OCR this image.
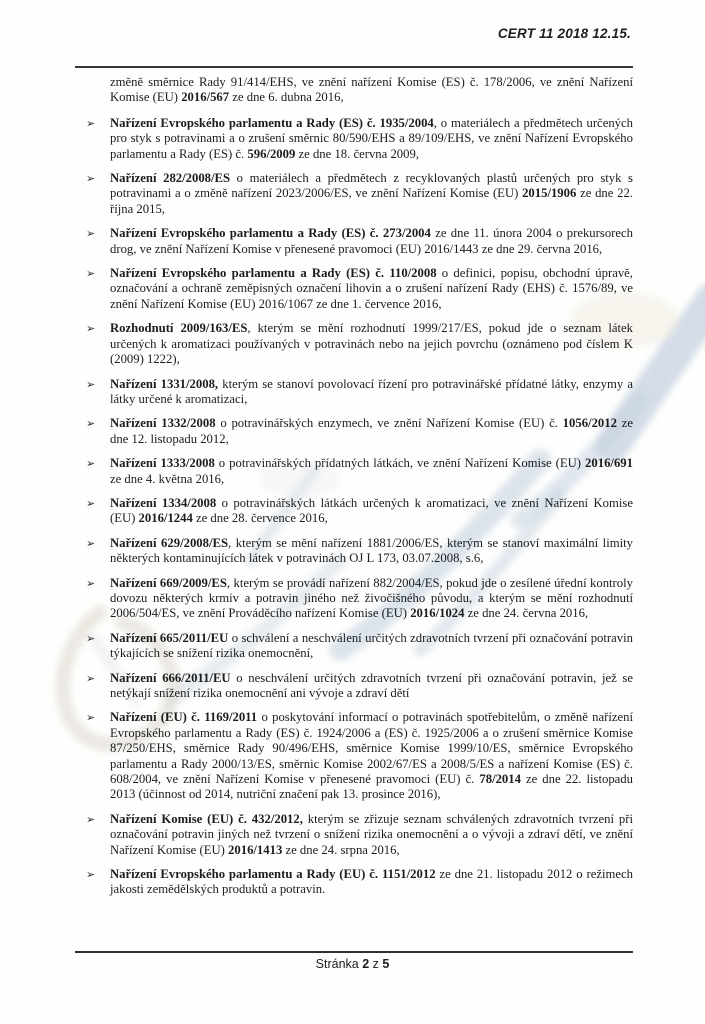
CERT 11 2018 12.15.

změně směrnice Rady 91/414/EHS, ve znění nařízení Komise (ES) č. 178/2006, ve znění Nařízení Komise (EU) 2016/567 ze dne 6. dubna 2016,

➢ Nařízení Evropského parlamentu a Rady (ES) č. 1935/2004, o materiálech a předmětech určených pro styk s potravinami a o zrušení směrnic 80/590/EHS a 89/109/EHS, ve znění Nařízení Evropského parlamentu a Rady (ES) č. 596/2009 ze dne 18. června 2009,
➢ Nařízení 282/2008/ES o materiálech a předmětech z recyklovaných plastů určených pro styk s potravinami a o změně nařízení 2023/2006/ES, ve znění Nařízení Komise (EU) 2015/1906 ze dne 22. října 2015,
➢ Nařízení Evropského parlamentu a Rady (ES) č. 273/2004 ze dne 11. února 2004 o prekursorech drog, ve znění Nařízení Komise v přenesené pravomoci (EU) 2016/1443 ze dne 29. června 2016,
➢ Nařízení Evropského parlamentu a Rady (ES) č. 110/2008 o definici, popisu, obchodní úpravě, označování a ochraně zeměpisných označení lihovin a o zrušení nařízení Rady (EHS) č. 1576/89, ve znění Nařízení Komise (EU) 2016/1067 ze dne 1. července 2016,
➢ Rozhodnutí 2009/163/ES, kterým se mění rozhodnutí 1999/217/ES, pokud jde o seznam látek určených k aromatizaci používaných v potravinách nebo na jejich povrchu (oznámeno pod číslem K (2009) 1222),
➢ Nařízení 1331/2008, kterým se stanoví povolovací řízení pro potravinářské přídatné látky, enzymy a látky určené k aromatizaci,
➢ Nařízení 1332/2008 o potravinářských enzymech, ve znění Nařízení Komise (EU) č. 1056/2012 ze dne 12. listopadu 2012,
➢ Nařízení 1333/2008 o potravinářských přídatných látkách, ve znění Nařízení Komise (EU) 2016/691 ze dne 4. května 2016,
➢ Nařízení 1334/2008 o potravinářských látkách určených k aromatizaci, ve znění Nařízení Komise (EU) 2016/1244 ze dne 28. července 2016,
➢ Nařízení 629/2008/ES, kterým se mění nařízení 1881/2006/ES, kterým se stanoví maximální limity některých kontaminujících látek v potravinách OJ L 173, 03.07.2008, s.6,
➢ Nařízení 669/2009/ES, kterým se provádí nařízení 882/2004/ES, pokud jde o zesílené úřední kontroly dovozu některých krmiv a potravin jiného než živočišného původu, a kterým se mění rozhodnutí 2006/504/ES, ve znění Prováděcího nařízení Komise (EU) 2016/1024 ze dne 24. června 2016,
➢ Nařízení 665/2011/EU o schválení a neschválení určitých zdravotních tvrzení při označování potravin týkajících se snížení rizika onemocnění,
➢ Nařízení 666/2011/EU o neschválení určitých zdravotních tvrzení při označování potravin, jež se netýkají snížení rizika onemocnění ani vývoje a zdraví dětí
➢ Nařízení (EU) č. 1169/2011 o poskytování informací o potravinách spotřebitelům, o změně nařízení Evropského parlamentu a Rady (ES) č. 1924/2006 a (ES) č. 1925/2006 a o zrušení směrnice Komise 87/250/EHS, směrnice Rady 90/496/EHS, směrnice Komise 1999/10/ES, směrnice Evropského parlamentu a Rady 2000/13/ES, směrnic Komise 2002/67/ES a 2008/5/ES a nařízení Komise (ES) č. 608/2004, ve znění Nařízení Komise v přenesené pravomoci (EU) č. 78/2014 ze dne 22. listopadu 2013 (účinnost od 2014, nutriční značení pak 13. prosince 2016),
➢ Nařízení Komise (EU) č. 432/2012, kterým se zřizuje seznam schválených zdravotních tvrzení při označování potravin jiných než tvrzení o snížení rizika onemocnění a o vývoji a zdraví dětí, ve znění Nařízení Komise (EU) 2016/1413 ze dne 24. srpna 2016,
➢ Nařízení Evropského parlamentu a Rady (EU) č. 1151/2012 ze dne 21. listopadu 2012 o režimech jakosti zemědělských produktů a potravin.
Stránka 2 z 5
